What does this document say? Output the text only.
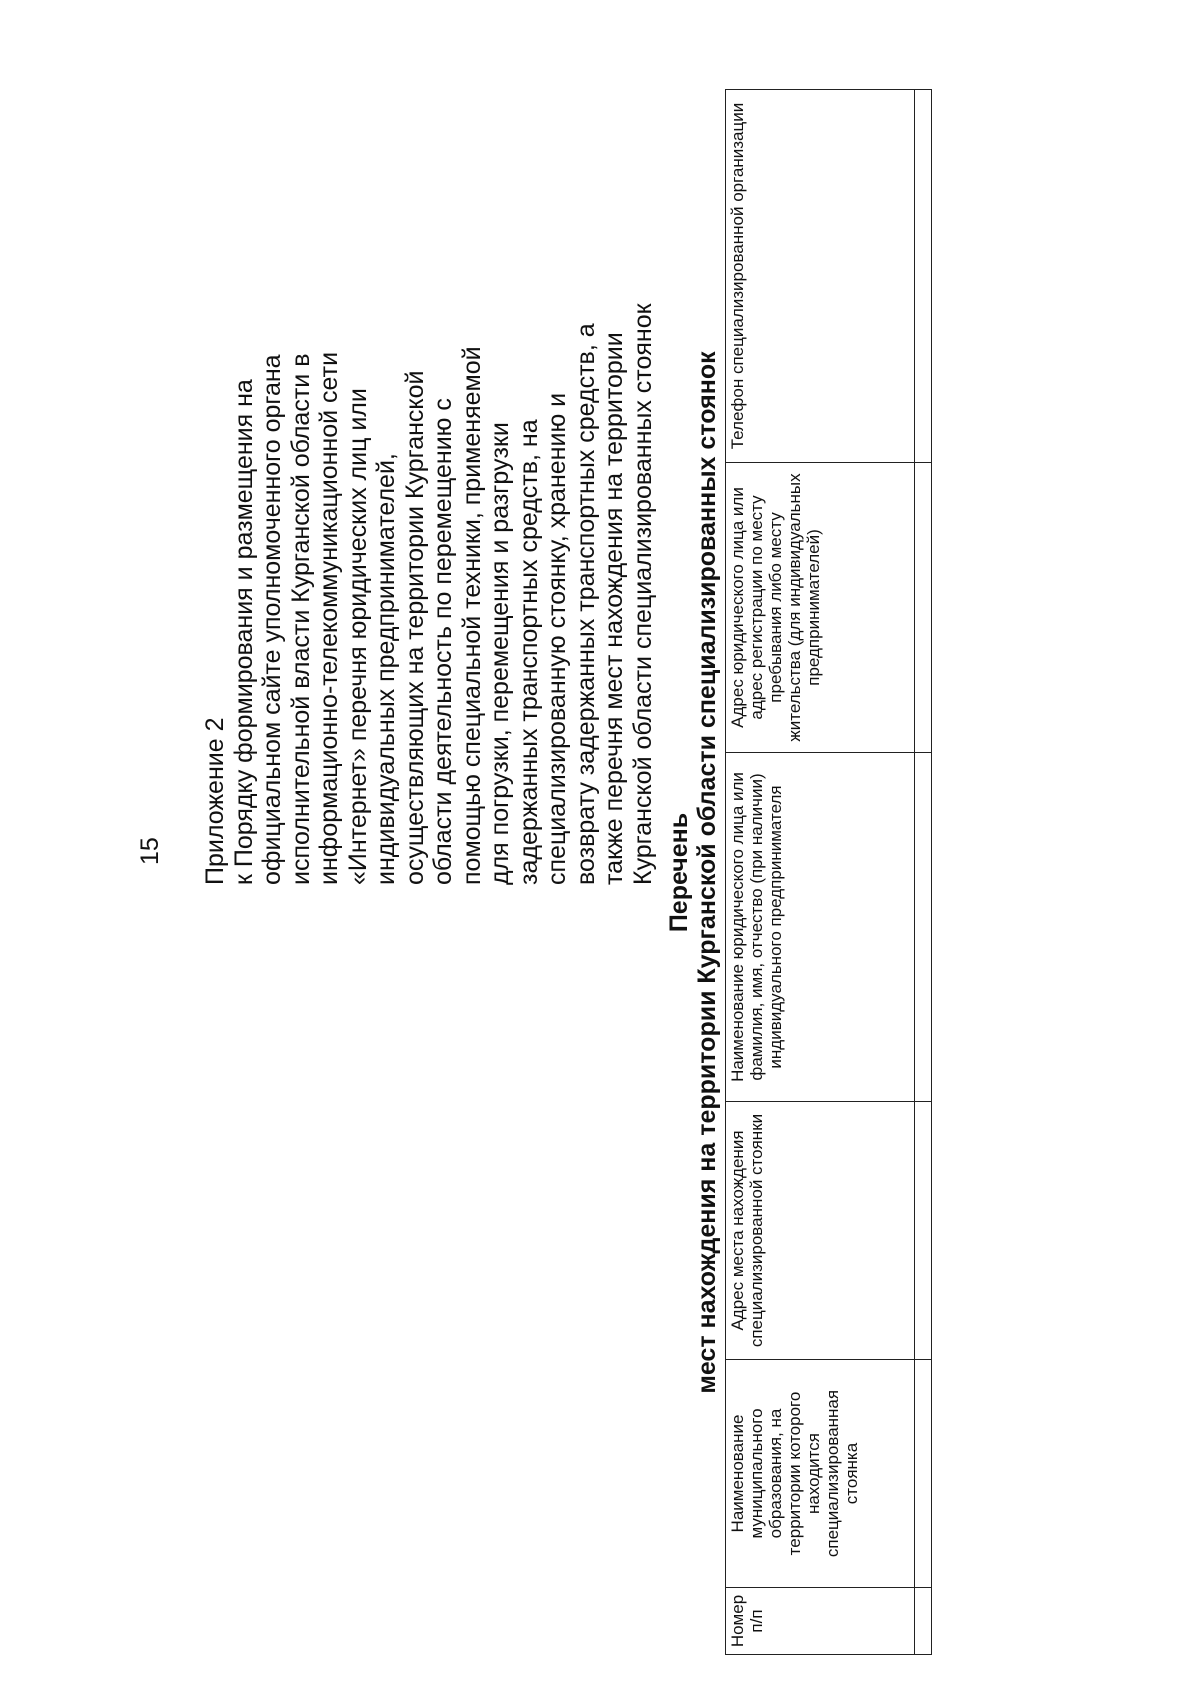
15 Приложение 2 к Порядку формирования и размещения на официальном сайте уполномоченного органа исполнительной власти Курганской области в информационно-телекоммуникационной сети «Интернет» перечня юридических лиц или индивидуальных предпринимателей, осуществляющих на территории Курганской области деятельность по перемещению с помощью специальной техники, применяемой для погрузки, перемещения и разгрузки задержанных транспортных средств, на специализированную стоянку, хранению и возврату задержанных транспортных средств, а также перечня мест нахождения на территории Курганской области специализированных стоянок Перечень мест нахождения на территории Курганской области специализированных стоянок
Номер п/п	Наименование муниципального образования, на территории которого находится специализированная стоянка	Адрес места нахождения специализированной стоянки	Наименование юридического лица или фамилия, имя, отчество (при наличии) индивидуального предпринимателя	Адрес юридического лица или адрес регистрации по месту пребывания либо месту жительства (для индивидуальных предпринимателей)	Телефон специализированной организации
